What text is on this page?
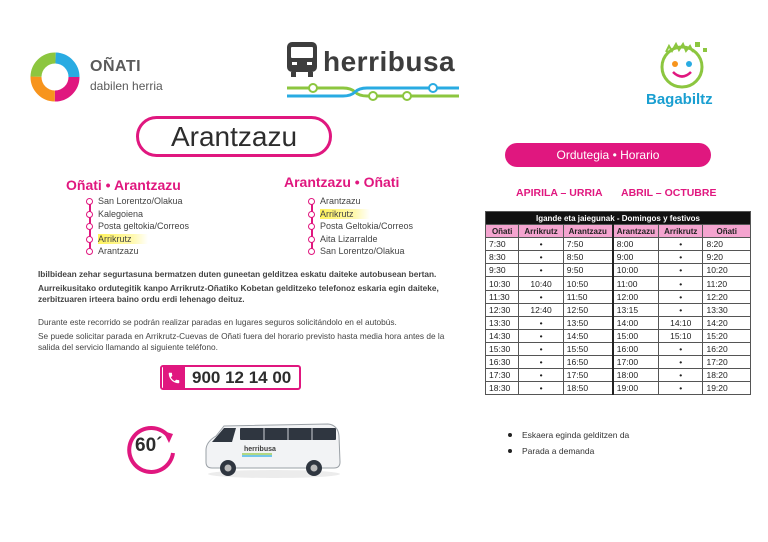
OÑATI
dabilen herria
herribusa
Bagabiltz
Arantzazu
Oñati • Arantzazu
San Lorentzo/Olakua
Kalegoiena
Posta geltokia/Correos
Arrikrutz
Arantzazu
Arantzazu • Oñati
Arantzazu
Arrikrutz
Posta Geltokia/Correos
Aita Lizarralde
San Lorentzo/Olakua
Ibilbidean zehar segurtasuna bermatzen duten guneetan gelditzea eskatu daiteke autobusean bertan.
Aurreikusitako ordutegitik kanpo Arrikrutz-Oñatiko Kobetan gelditzeko telefonoz eskaria egin daiteke, zerbitzuaren irteera baino ordu erdi lehenago deituz.
Durante este recorrido se podrán realizar paradas en lugares seguros solicitándolo en el autobús.
Se puede solicitar parada en Arrikrutz-Cuevas de Oñati fuera del horario previsto hasta media hora antes de la salida del servicio llamando al siguiente teléfono.
900 12 14 00
60´	herribusa
Ordutegia • Horario
APIRILA – URRIA ABRIL – OCTUBRE
Igande eta jaiegunak - Domingos y festivos					
Oñati	Arrikrutz	Arantzazu	Arantzazu	Arrikrutz	Oñati
7:30	•	7:50	8:00	•	8:20
8:30	•	8:50	9:00	•	9:20
9:30	•	9:50	10:00	•	10:20
10:30	10:40	10:50	11:00	•	11:20
11:30	•	11:50	12:00	•	12:20
12:30	12:40	12:50	13:15	•	13:30
13:30	•	13:50	14:00	14:10	14:20
14:30	•	14:50	15:00	15:10	15:20
15:30	•	15:50	16:00	•	16:20
16:30	•	16:50	17:00	•	17:20
17:30	•	17:50	18:00	•	18:20
18:30	•	18:50	19:00	•	19:20
Eskaera eginda gelditzen da
Parada a demanda
